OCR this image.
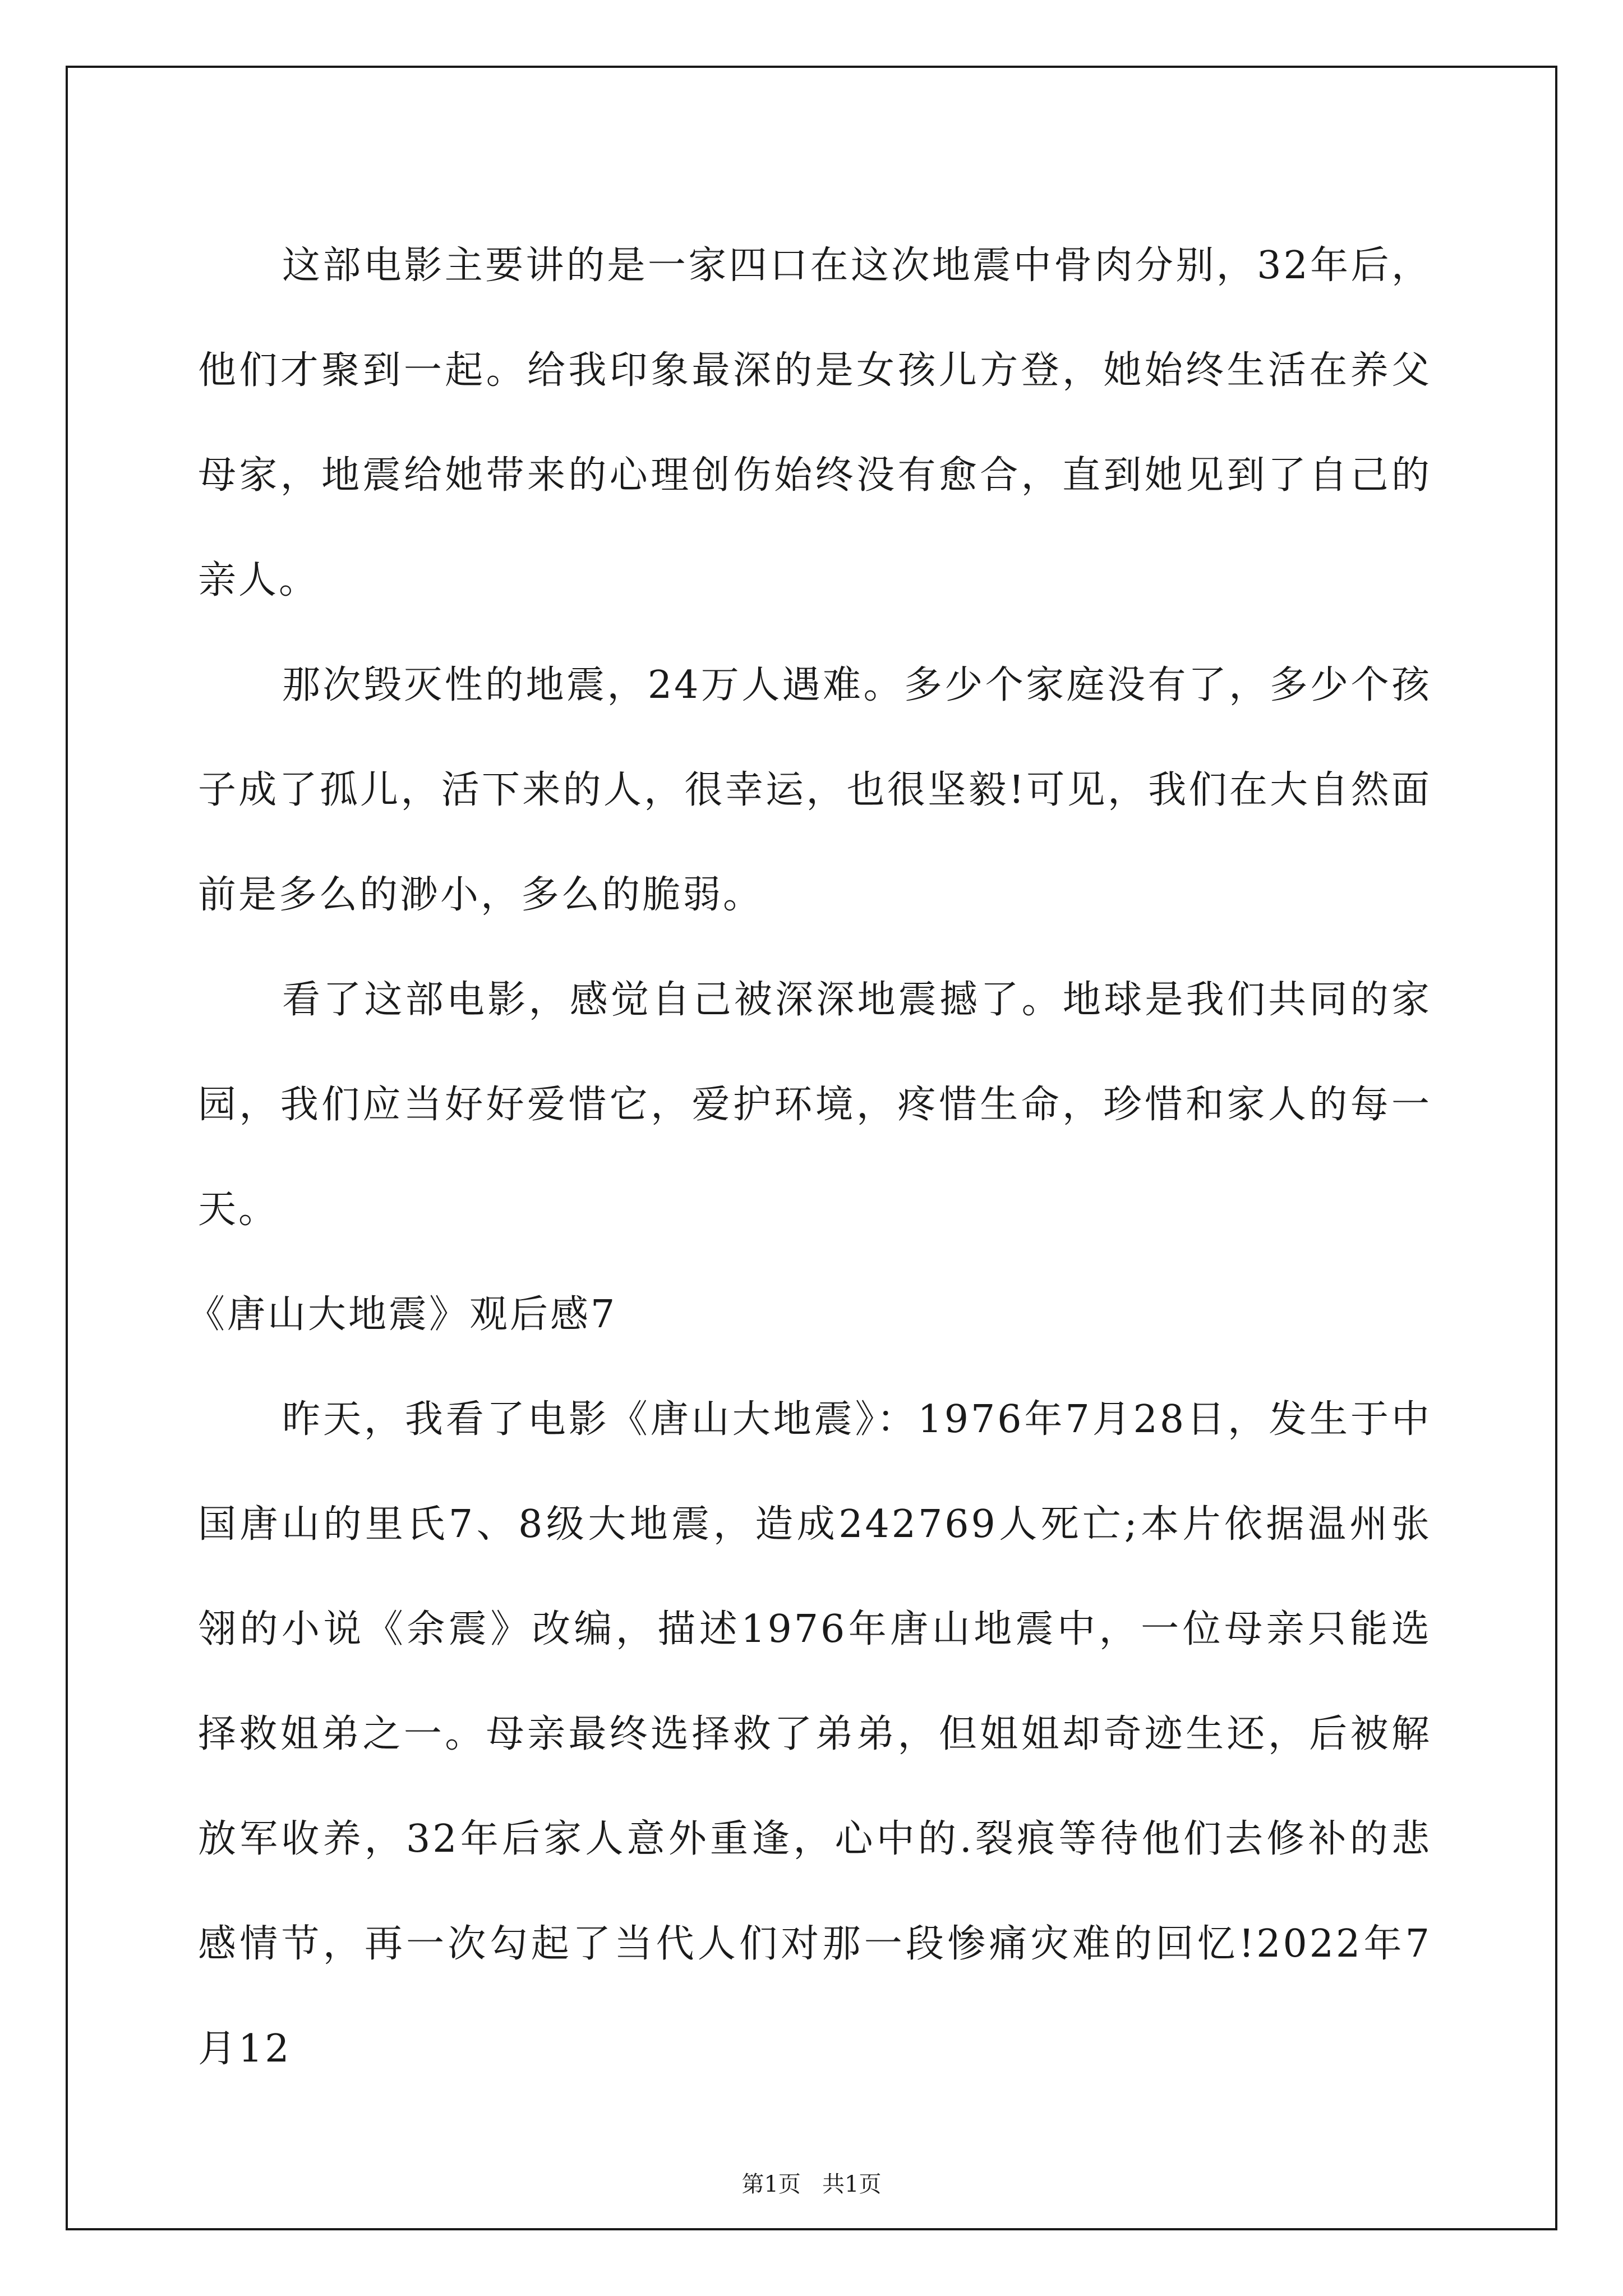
这部电影主要讲的是一家四口在这次地震中骨肉分别，32年后，他们才聚到一起。给我印象最深的是女孩儿方登，她始终生活在养父母家，地震给她带来的心理创伤始终没有愈合，直到她见到了自己的亲人。

那次毁灭性的地震，24万人遇难。多少个家庭没有了，多少个孩子成了孤儿，活下来的人，很幸运，也很坚毅!可见，我们在大自然面前是多么的渺小，多么的脆弱。

看了这部电影，感觉自己被深深地震撼了。地球是我们共同的家园，我们应当好好爱惜它，爱护环境，疼惜生命，珍惜和家人的每一天。

《唐山大地震》观后感7

昨天，我看了电影《唐山大地震》：1976年7月28日，发生于中国唐山的里氏7、8级大地震，造成242769人死亡;本片依据温州张翎的小说《余震》改编，描述1976年唐山地震中，一位母亲只能选择救姐弟之一。母亲最终选择救了弟弟，但姐姐却奇迹生还，后被解放军收养，32年后家人意外重逢，心中的.裂痕等待他们去修补的悲感情节，再一次勾起了当代人们对那一段惨痛灾难的回忆!2022年7月12

第1页   共1页
